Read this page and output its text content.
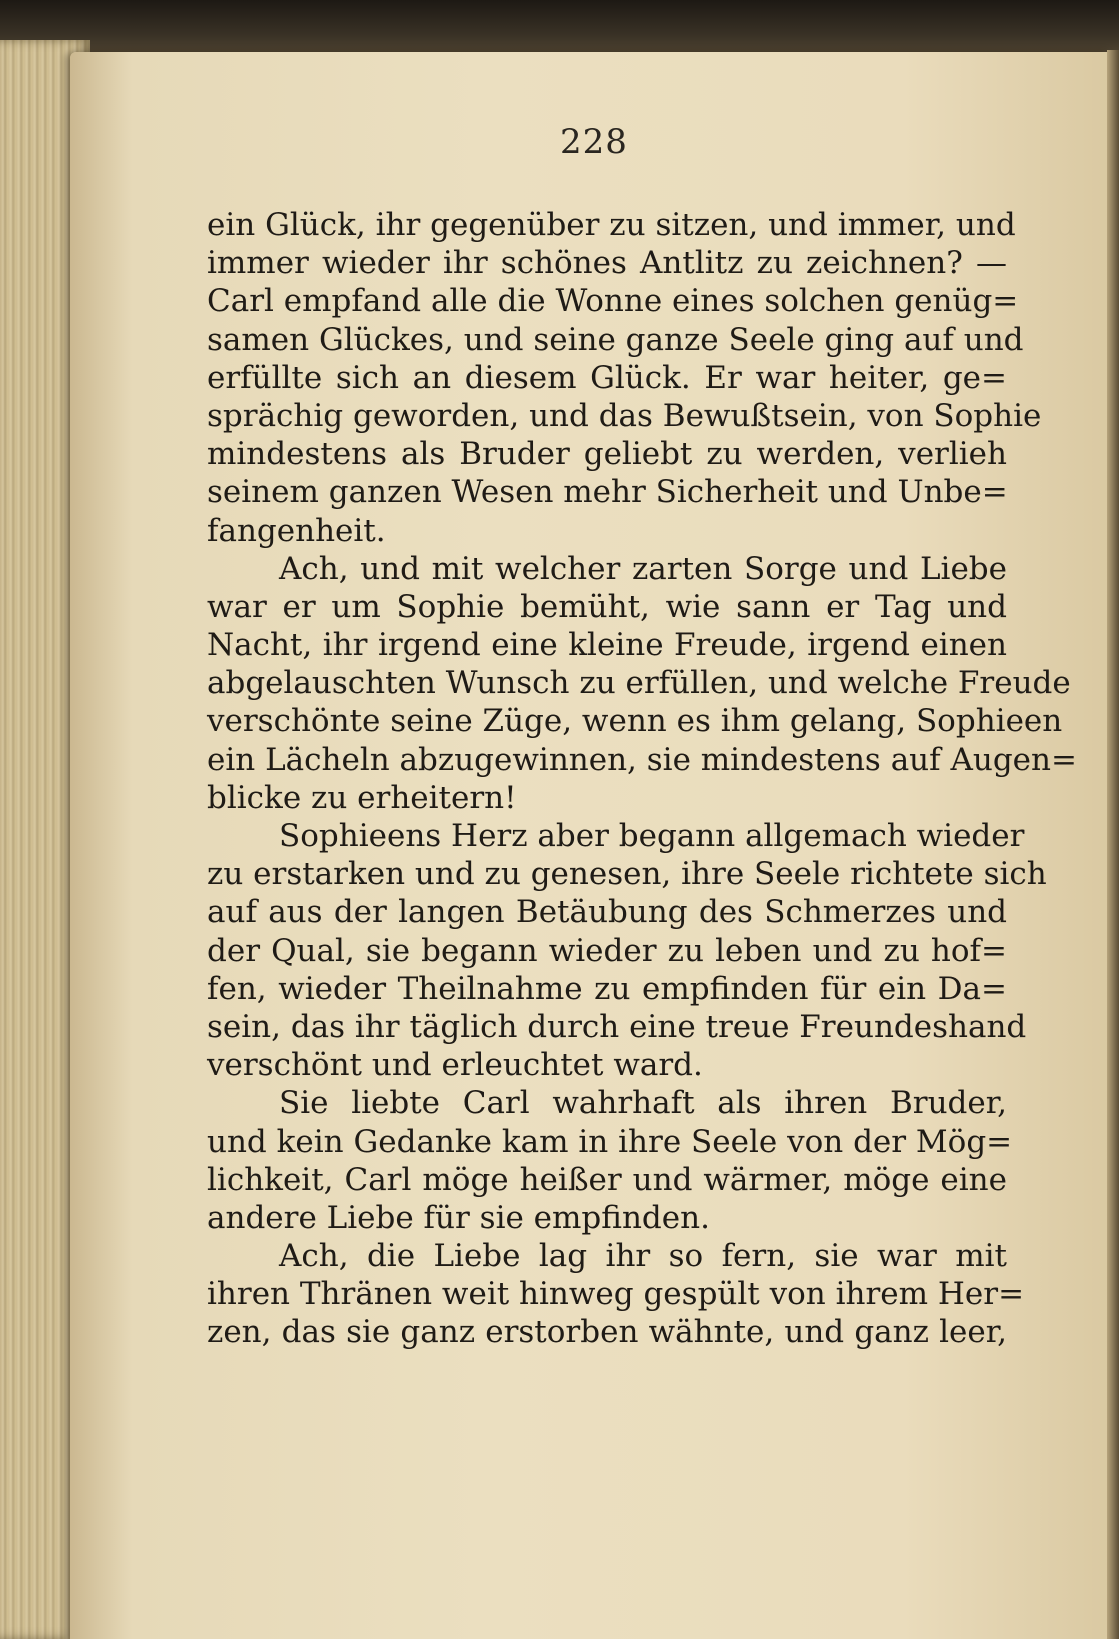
228
ein Glück, ihr gegenüber zu sitzen, und immer, und
immer wieder ihr schönes Antlitz zu zeichnen? —
Carl empfand alle die Wonne eines solchen genüg=
samen Glückes, und seine ganze Seele ging auf und
erfüllte sich an diesem Glück. Er war heiter, ge=
sprächig geworden, und das Bewußtsein, von Sophie
mindestens als Bruder geliebt zu werden, verlieh
seinem ganzen Wesen mehr Sicherheit und Unbe=
fangenheit.
Ach, und mit welcher zarten Sorge und Liebe
war er um Sophie bemüht, wie sann er Tag und
Nacht, ihr irgend eine kleine Freude, irgend einen
abgelauschten Wunsch zu erfüllen, und welche Freude
verschönte seine Züge, wenn es ihm gelang, Sophieen
ein Lächeln abzugewinnen, sie mindestens auf Augen=
blicke zu erheitern!
Sophieens Herz aber begann allgemach wieder
zu erstarken und zu genesen, ihre Seele richtete sich
auf aus der langen Betäubung des Schmerzes und
der Qual, sie begann wieder zu leben und zu hof=
fen, wieder Theilnahme zu empfinden für ein Da=
sein, das ihr täglich durch eine treue Freundeshand
verschönt und erleuchtet ward.
Sie liebte Carl wahrhaft als ihren Bruder,
und kein Gedanke kam in ihre Seele von der Mög=
lichkeit, Carl möge heißer und wärmer, möge eine
andere Liebe für sie empfinden.
Ach, die Liebe lag ihr so fern, sie war mit
ihren Thränen weit hinweg gespült von ihrem Her=
zen, das sie ganz erstorben wähnte, und ganz leer,
